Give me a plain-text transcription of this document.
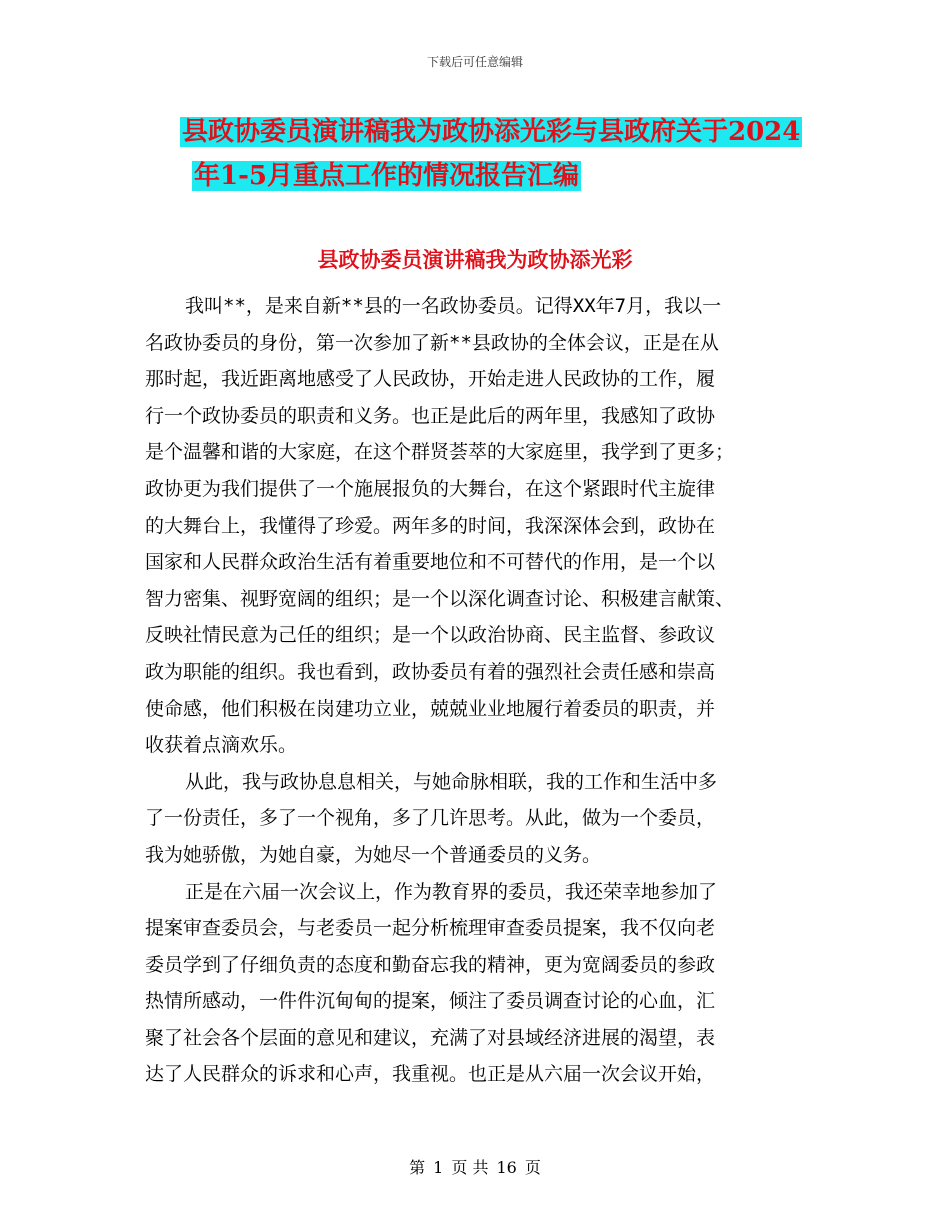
下载后可任意编辑
县政协委员演讲稿我为政协添光彩与县政府关于2024
年1-5月重点工作的情况报告汇编
县政协委员演讲稿我为政协添光彩
我叫**，是来自新**县的一名政协委员。记得XX年7月，我以一
名政协委员的身份，第一次参加了新**县政协的全体会议，正是在从
那时起，我近距离地感受了人民政协，开始走进人民政协的工作，履
行一个政协委员的职责和义务。也正是此后的两年里，我感知了政协
是个温馨和谐的大家庭，在这个群贤荟萃的大家庭里，我学到了更多；
政协更为我们提供了一个施展报负的大舞台，在这个紧跟时代主旋律
的大舞台上，我懂得了珍爱。两年多的时间，我深深体会到，政协在
国家和人民群众政治生活有着重要地位和不可替代的作用，是一个以
智力密集、视野宽阔的组织；是一个以深化调查讨论、积极建言献策、
反映社情民意为己任的组织；是一个以政治协商、民主监督、参政议
政为职能的组织。我也看到，政协委员有着的强烈社会责任感和崇高
使命感，他们积极在岗建功立业，兢兢业业地履行着委员的职责，并
收获着点滴欢乐。
从此，我与政协息息相关，与她命脉相联，我的工作和生活中多
了一份责任，多了一个视角，多了几许思考。从此，做为一个委员，
我为她骄傲，为她自豪，为她尽一个普通委员的义务。
正是在六届一次会议上，作为教育界的委员，我还荣幸地参加了
提案审查委员会，与老委员一起分析梳理审查委员提案，我不仅向老
委员学到了仔细负责的态度和勤奋忘我的精神，更为宽阔委员的参政
热情所感动，一件件沉甸甸的提案，倾注了委员调查讨论的心血，汇
聚了社会各个层面的意见和建议，充满了对县域经济进展的渴望，表
达了人民群众的诉求和心声，我重视。也正是从六届一次会议开始，
第 1 页 共 16 页
